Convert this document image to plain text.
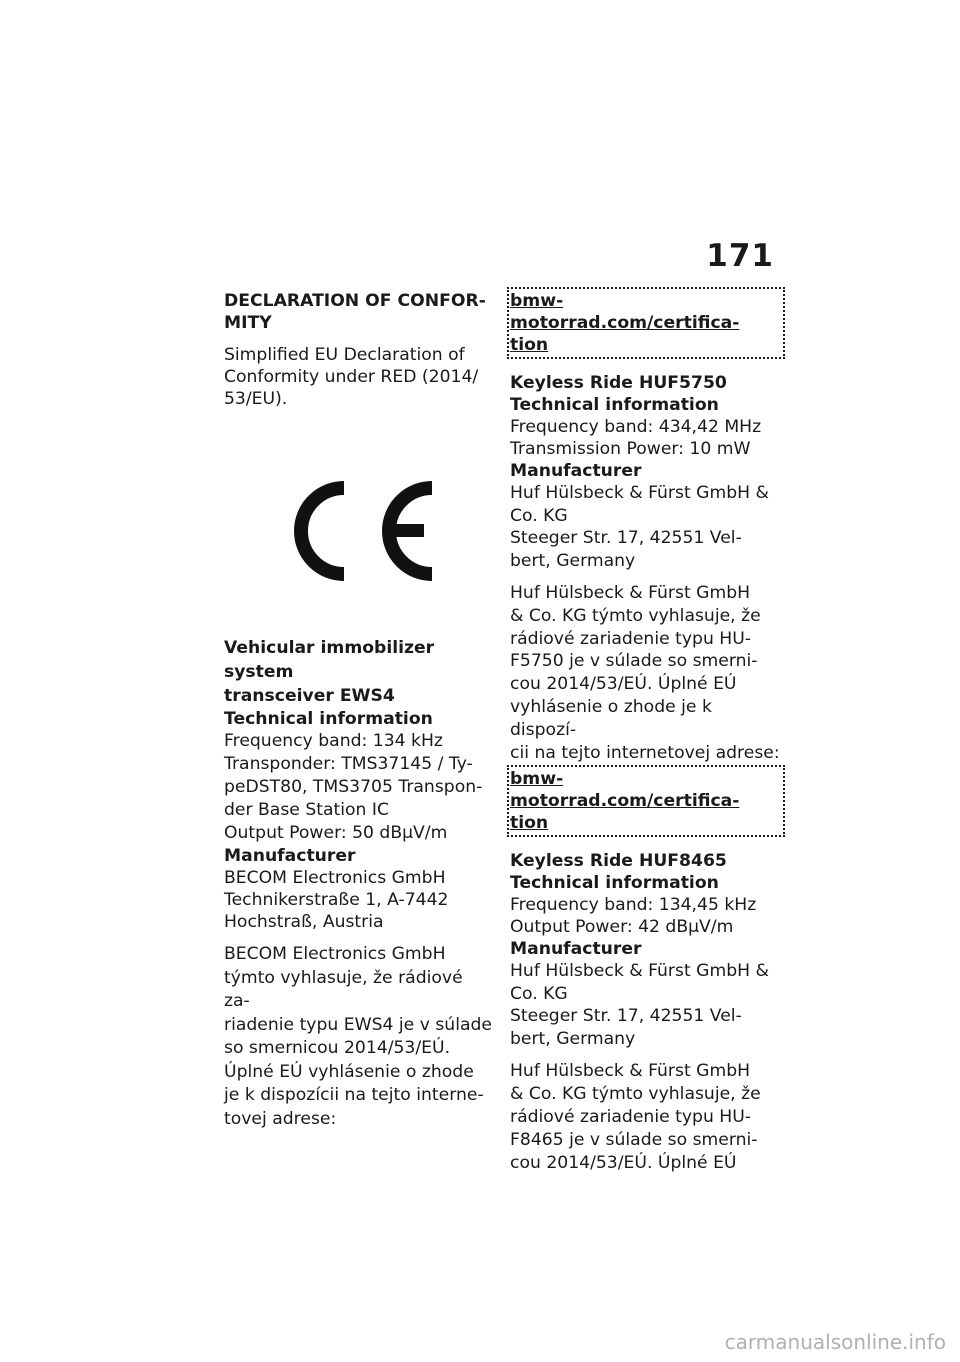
171

DECLARATION OF CONFOR-
MITY

Simplified EU Declaration of
Conformity under RED (2014/
53/EU).

Vehicular immobilizer system
transceiver EWS4

Technical information

Frequency band: 134 kHz
Transponder: TMS37145 / Ty-
peDST80, TMS3705 Transpon-
der Base Station IC
Output Power: 50 dBµV/m

Manufacturer

BECOM Electronics GmbH
Technikerstraße 1, A-7442
Hochstraß, Austria

BECOM Electronics GmbH
týmto vyhlasuje, že rádiové za-
riadenie typu EWS4 je v súlade
so smernicou 2014/53/EÚ.
Úplné EÚ vyhlásenie o zhode
je k dispozícii na tejto interne-
tovej adrese:

bmw-motorrad.com/certifica-
tion

Keyless Ride HUF5750

Technical information

Frequency band: 434,42 MHz
Transmission Power: 10 mW

Manufacturer

Huf Hülsbeck & Fürst GmbH &
Co. KG
Steeger Str. 17, 42551 Vel-
bert, Germany

Huf Hülsbeck & Fürst GmbH
& Co. KG týmto vyhlasuje, že
rádiové zariadenie typu HU-
F5750 je v súlade so smerni-
cou 2014/53/EÚ. Úplné EÚ
vyhlásenie o zhode je k dispozí-
cii na tejto internetovej adrese:

bmw-motorrad.com/certifica-
tion

Keyless Ride HUF8465

Technical information

Frequency band: 134,45 kHz
Output Power: 42 dBµV/m

Manufacturer

Huf Hülsbeck & Fürst GmbH &
Co. KG
Steeger Str. 17, 42551 Vel-
bert, Germany

Huf Hülsbeck & Fürst GmbH
& Co. KG týmto vyhlasuje, že
rádiové zariadenie typu HU-
F8465 je v súlade so smerni-
cou 2014/53/EÚ. Úplné EÚ

carmanualsonline.info
